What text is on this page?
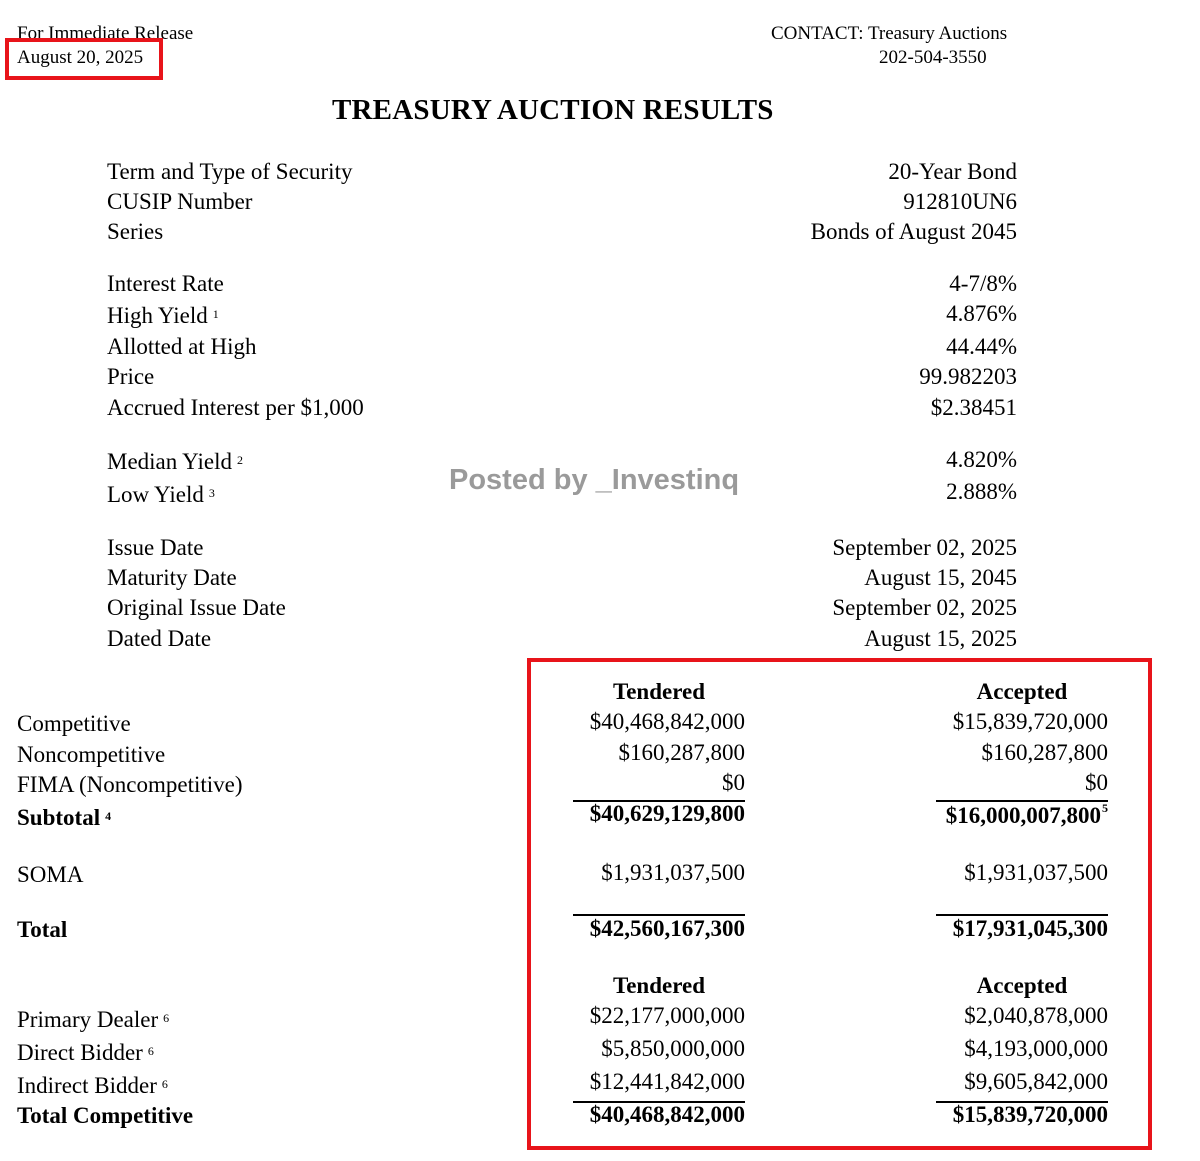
For Immediate Release
August 20, 2025
CONTACT: Treasury Auctions
202-504-3550
TREASURY AUCTION RESULTS
Term and Type of Security	20-Year Bond
CUSIP Number	912810UN6
Series	Bonds of August 2045
Interest Rate	4-7/8%
High Yield $^1$	4.876%
Allotted at High	44.44%
Price	99.982203
Accrued Interest per $1,000	$2.38451
Median Yield $^2$	4.820%
Low Yield $^3$	2.888%
Posted by _Investinq
Issue Date	September 02, 2025
Maturity Date	August 15, 2045
Original Issue Date	September 02, 2025
Dated Date	August 15, 2025
Tendered	Accepted
Competitive	$40,468,842,000	$15,839,720,000
Noncompetitive	$160,287,800	$160,287,800
FIMA (Noncompetitive)	$0	$0
Subtotal $^4$	$40,629,129,800	$16,000,007,800$^5$
SOMA	$1,931,037,500	$1,931,037,500
Total	$42,560,167,300	$17,931,045,300
Tendered	Accepted
Primary Dealer $^6$	$22,177,000,000	$2,040,878,000
Direct Bidder $^6$	$5,850,000,000	$4,193,000,000
Indirect Bidder $^6$	$12,441,842,000	$9,605,842,000
Total Competitive	$40,468,842,000	$15,839,720,000
